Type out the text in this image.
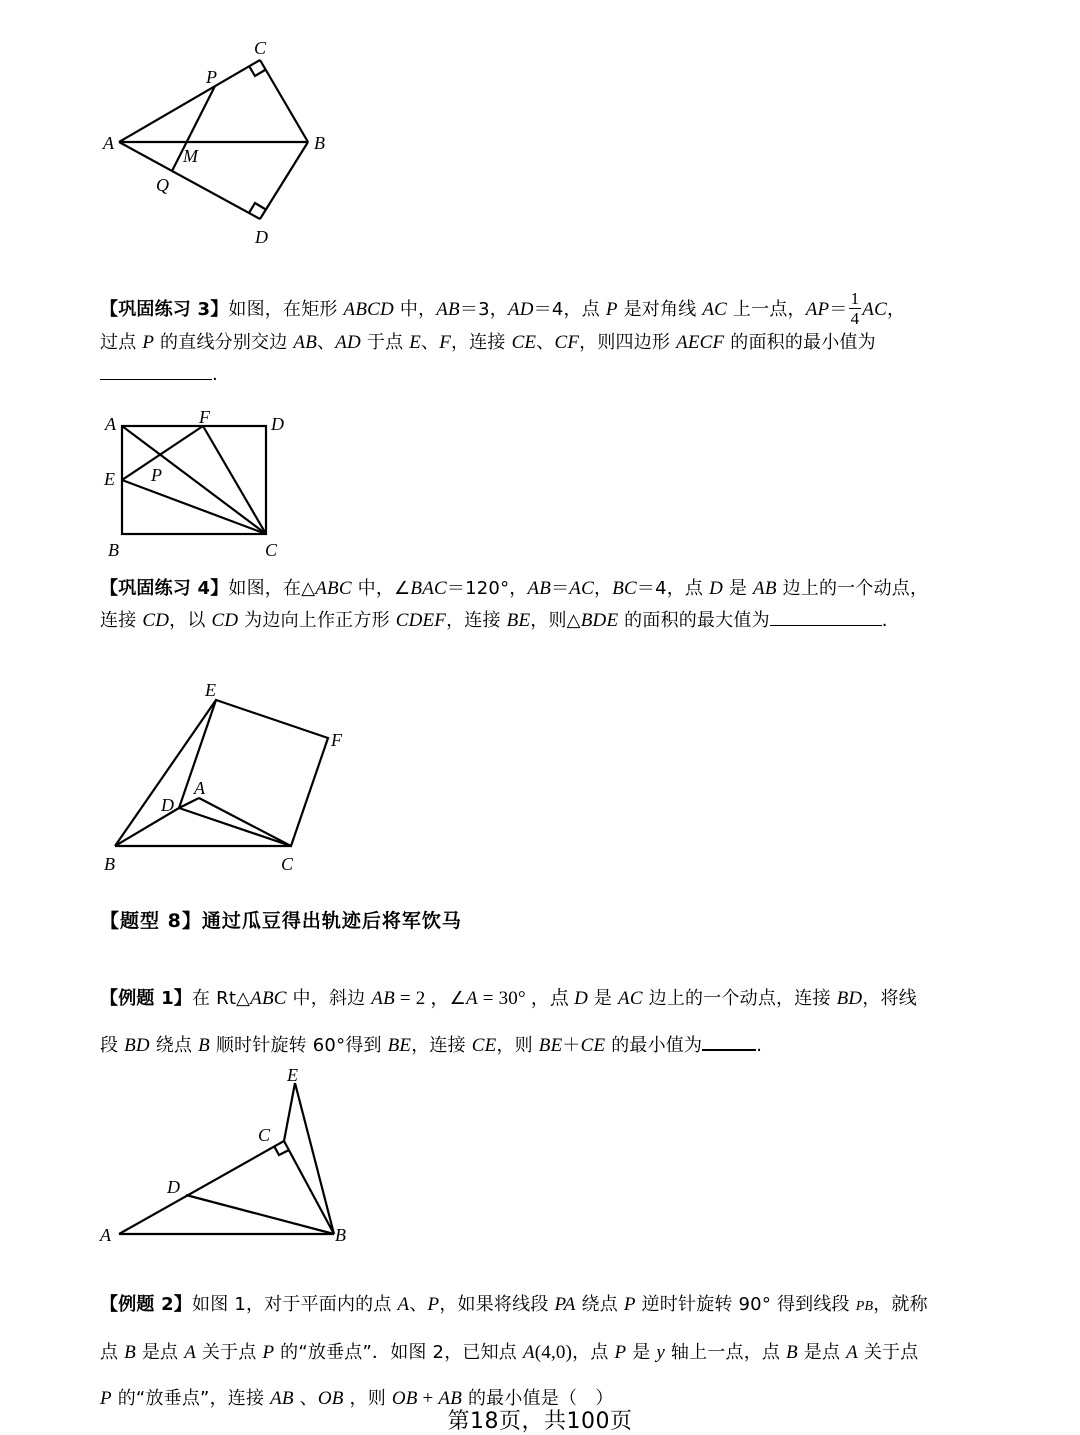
C
P
A
M
B
Q
D
【巩固练习 3】如图，在矩形 ABCD 中，AB＝3，AD＝4，点 P 是对角线 AC 上一点，$AP= \frac{1}{4}$ AC，
过点 P 的直线分别交边 AB、AD 于点 E、F，连接 CE、CF，则四边形 AECF 的面积的最小值为
.
A	F	D
E P
B	C
【巩固练习 4】如图，在△ABC 中，∠BAC＝120°，AB＝AC，BC＝4，点 D 是 AB 边上的一个动点，
连接 CD，以 CD 为边向上作正方形 CDEF，连接 BE，则△BDE 的面积的最大值为	.
E
F
A
D
B	C
【题型 8】通过瓜豆得出轨迹后将军饮马
【例题 1】在 Rt△ABC 中，斜边 AB = 2 ，∠A = 30° ，点 D 是 AC 边上的一个动点，连接 BD，将线
段 BD 绕点 B 顺时针旋转 60°得到 BE，连接 CE，则 BE＋CE 的最小值为	.
E
C
D
A	B
【例题 2】如图 1，对于平面内的点 A、P，如果将线段 PA 绕点 P 逆时针旋转 90° 得到线段 PB，就称
点 B 是点 A 关于点 P 的“放垂点”．如图 2，已知点 A(4,0)，点 P 是 y 轴上一点，点 B 是点 A 关于点
P 的“放垂点”，连接 AB 、OB ，则 OB + AB 的最小值是（　）
第18页，共100页
